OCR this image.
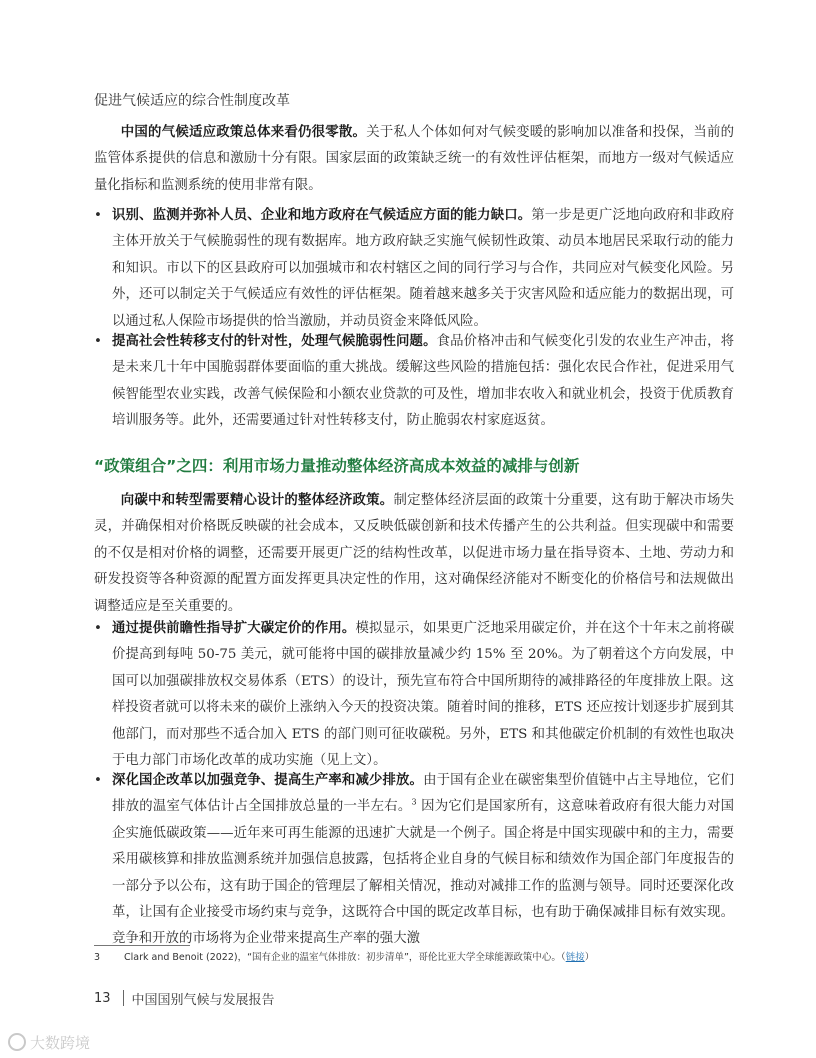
促进气候适应的综合性制度改革
中国的气候适应政策总体来看仍很零散。关于私人个体如何对气候变暖的影响加以准备和投保，当前的监管体系提供的信息和激励十分有限。国家层面的政策缺乏统一的有效性评估框架，而地方一级对气候适应量化指标和监测系统的使用非常有限。
• 识别、监测并弥补人员、企业和地方政府在气候适应方面的能力缺口。第一步是更广泛地向政府和非政府主体开放关于气候脆弱性的现有数据库。地方政府缺乏实施气候韧性政策、动员本地居民采取行动的能力和知识。市以下的区县政府可以加强城市和农村辖区之间的同行学习与合作，共同应对气候变化风险。另外，还可以制定关于气候适应有效性的评估框架。随着越来越多关于灾害风险和适应能力的数据出现，可以通过私人保险市场提供的恰当激励，并动员资金来降低风险。
• 提高社会性转移支付的针对性，处理气候脆弱性问题。食品价格冲击和气候变化引发的农业生产冲击，将是未来几十年中国脆弱群体要面临的重大挑战。缓解这些风险的措施包括：强化农民合作社，促进采用气候智能型农业实践，改善气候保险和小额农业贷款的可及性，增加非农收入和就业机会，投资于优质教育培训服务等。此外，还需要通过针对性转移支付，防止脆弱农村家庭返贫。
“政策组合”之四：利用市场力量推动整体经济高成本效益的减排与创新
向碳中和转型需要精心设计的整体经济政策。制定整体经济层面的政策十分重要，这有助于解决市场失灵，并确保相对价格既反映碳的社会成本，又反映低碳创新和技术传播产生的公共利益。但实现碳中和需要的不仅是相对价格的调整，还需要开展更广泛的结构性改革，以促进市场力量在指导资本、土地、劳动力和研发投资等各种资源的配置方面发挥更具决定性的作用，这对确保经济能对不断变化的价格信号和法规做出调整适应是至关重要的。
• 通过提供前瞻性指导扩大碳定价的作用。模拟显示，如果更广泛地采用碳定价，并在这个十年末之前将碳价提高到每吨 50-75 美元，就可能将中国的碳排放量减少约 15% 至 20%。为了朝着这个方向发展，中国可以加强碳排放权交易体系（ETS）的设计，预先宣布符合中国所期待的减排路径的年度排放上限。这样投资者就可以将未来的碳价上涨纳入今天的投资决策。随着时间的推移，ETS 还应按计划逐步扩展到其他部门，而对那些不适合加入 ETS 的部门则可征收碳税。另外，ETS 和其他碳定价机制的有效性也取决于电力部门市场化改革的成功实施（见上文）。
• 深化国企改革以加强竞争、提高生产率和减少排放。由于国有企业在碳密集型价值链中占主导地位，它们排放的温室气体估计占全国排放总量的一半左右。$^3$ 因为它们是国家所有，这意味着政府有很大能力对国企实施低碳政策——近年来可再生能源的迅速扩大就是一个例子。国企将是中国实现碳中和的主力，需要采用碳核算和排放监测系统并加强信息披露，包括将企业自身的气候目标和绩效作为国企部门年度报告的一部分予以公布，这有助于国企的管理层了解相关情况，推动对减排工作的监测与领导。同时还要深化改革，让国有企业接受市场约束与竞争，这既符合中国的既定改革目标，也有助于确保减排目标有效实现。竞争和开放的市场将为企业带来提高生产率的强大激
3	Clark and Benoit (2022)，“国有企业的温室气体排放：初步清单”，哥伦比亚大学全球能源政策中心。（链接）
13 中国国别气候与发展报告
大数跨境
